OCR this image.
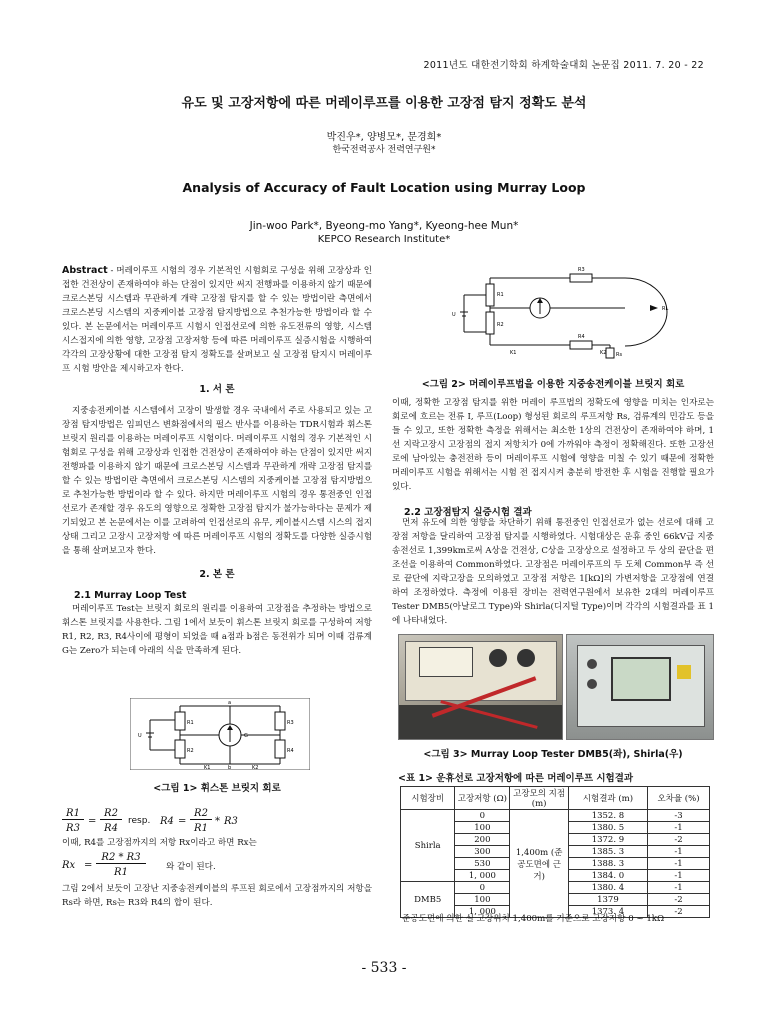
2011년도 대한전기학회 하계학술대회 논문집 2011. 7. 20 - 22
유도 및 고장저항에 따른 머레이루프를 이용한 고장점 탐지 정확도 분석
박진우*, 양병모*, 문경희*
한국전력공사 전력연구원*
Analysis of Accuracy of Fault Location using Murray Loop
Jin-woo Park*, Byeong-mo Yang*, Kyeong-hee Mun*
KEPCO Research Institute*
Abstract - 머레이루프 시험의 경우 기본적인 시험회로 구성을 위해 고장상과 인접한 건전상이 존재하여야 하는 단점이 있지만 써지 전행파를 이용하지 않기 때문에 크로스본딩 시스템과 무관하게 개략 고장점 탐지를 할 수 있는 방법이란 측면에서 크로스본딩 시스템의 지중케이블 고장점 탐지방법으로 추천가능한 방법이라 할 수 있다. 본 논문에서는 머레이루프 시험시 인접선로에 의한 유도전류의 영향, 시스템 시스접지에 의한 영향, 고장점 고장저항 등에 따른 머레이루프 실증시험을 시행하여 각각의 고장상황에 대한 고장점 탐지 정확도를 살펴보고 실 고장점 탐지시 머레이루프 시험 방안을 제시하고자 한다.
1. 서 론
지중송전케이블 시스템에서 고장이 발생할 경우 국내에서 주로 사용되고 있는 고장점 탐지방법은 임피던스 변화점에서의 펄스 반사를 이용하는 TDR시험과 휘스톤브릿지 원리를 이용하는 머레이루프 시험이다. 머레이루프 시험의 경우 기본적인 시험회로 구성을 위해 고장상과 인접한 건전상이 존재하여야 하는 단점이 있지만 써지 전행파를 이용하지 않기 때문에 크로스본딩 시스템과 무관하게 개략 고장점 탐지를 할 수 있는 방법이란 측면에서 크로스본딩 시스템의 지중케이블 고장점 탐지방법으로 추천가능한 방법이라 할 수 있다. 하지만 머레이루프 시험의 경우 통전중인 인접선로가 존재할 경우 유도의 영향으로 정확한 고장점 탐지가 불가능하다는 문제가 제기되었고 본 논문에서는 이를 고려하여 인접선로의 유무, 케이블시스템 시스의 접지상태 그리고 고장시 고장저항 에 따른 머레이루프 시험의 정확도를 다양한 실증시험을 통해 살펴보고자 한다.
2. 본 론
2.1 Murray Loop Test
머레이루프 Test는 브릿지 회로의 원리를 이용하여 고장점을 추정하는 방법으로 휘스톤 브릿지를 사용한다. 그림 1에서 보듯이 휘스톤 브릿지 회로를 구성하여 저항 R1, R2, R3, R4사이에 평형이 되었을 때 a점과 b점은 동전위가 되며 이때 검류계 G는 Zero가 되는데 아래의 식을 만족하게 된다.
R1
R2
R3
R4
G
U
a
b
K1	K2
<그림 1> 휘스톤 브릿지 회로
R1
R3
=
R2
R4
resp. R4 =
R2
R1
* R3
이때, R4를 고장점까지의 저항 Rx이라고 하면 Rx는
Rx =
R2 * R3
R1	와 같이 된다.
그림 2에서 보듯이 고장난 지중송전케이블의 루프된 회로에서 고장점까지의 저항을 Rs라 하면, Rs는 R3와 R4의 합이 된다.
R1
R2
R3
R4
Rs
RL
U
K1	K2
<그림 2> 머레이루프법을 이용한 지중송전케이블 브릿지 회로
이때, 정확한 고장점 탐지를 위한 머레이 루프법의 정확도에 영향을 미치는 인자로는 회로에 흐르는 전류 I, 루프(Loop) 형성된 회로의 루프저항 Rs, 검류계의 민감도 등을 들 수 있고, 또한 정확한 측정을 위해서는 최소한 1상의 건전상이 존재하여야 하며, 1선 지락고장시 고장점의 접지 저항치가 0에 가까워야 측정이 정확해진다. 또한 고장선로에 남아있는 충전전하 등이 머레이루프 시험에 영향을 미칠 수 있기 때문에 정확한 머레이루프 시험을 위해서는 시험 전 접지시켜 충분히 방전한 후 시험을 진행할 필요가 있다.
2.2 고장점탐지 실증시험 결과
먼저 유도에 의한 영향을 차단하기 위해 통전중인 인접선로가 없는 선로에 대해 고장점 저항을 달리하여 고장점 탐지를 시행하였다. 시험대상은 운휴 중인 66kV급 지중송전선로 1,399km로써 A상을 건전상, C상을 고장상으로 설정하고 두 상의 끝단을 편조선을 이용하여 Common하였다. 고장점은 머레이루프의 두 도체 Common부 즉 선로 끝단에 지락고장을 모의하였고 고장점 저항은 1[kΩ]의 가변저항을 고장점에 연결하여 조정하였다. 측정에 이용된 장비는 전력연구원에서 보유한 2대의 머레이루프 Tester DMB5(아날로그 Type)와 Shirla(디지털 Type)이며 각각의 시험결과를 표 1에 나타내었다.
<그림 3> Murray Loop Tester DMB5(좌), Shirla(우)
<표 1> 운휴선로 고장저항에 따른 머레이루프 시험결과
시험장비	고장저항 (Ω)	고장모의 지점 (m)	시험결과 (m)	오차율 (%)
Shirla	0	1,400m (준공도면에 근거)	1352. 8	-3
	100		1380. 5	-1
	200		1372. 9	-2
	300		1385. 3	-1
	530		1388. 3	-1
	1, 000		1384. 0	-1
DMB5	0		1380. 4	-1
	100		1379	-2
	1, 000		1373. 4	-2
준공도면에 의한 실 고장위치 1,400m를 기준으로 고장저항 0 ~ 1kΩ
- 533 -
